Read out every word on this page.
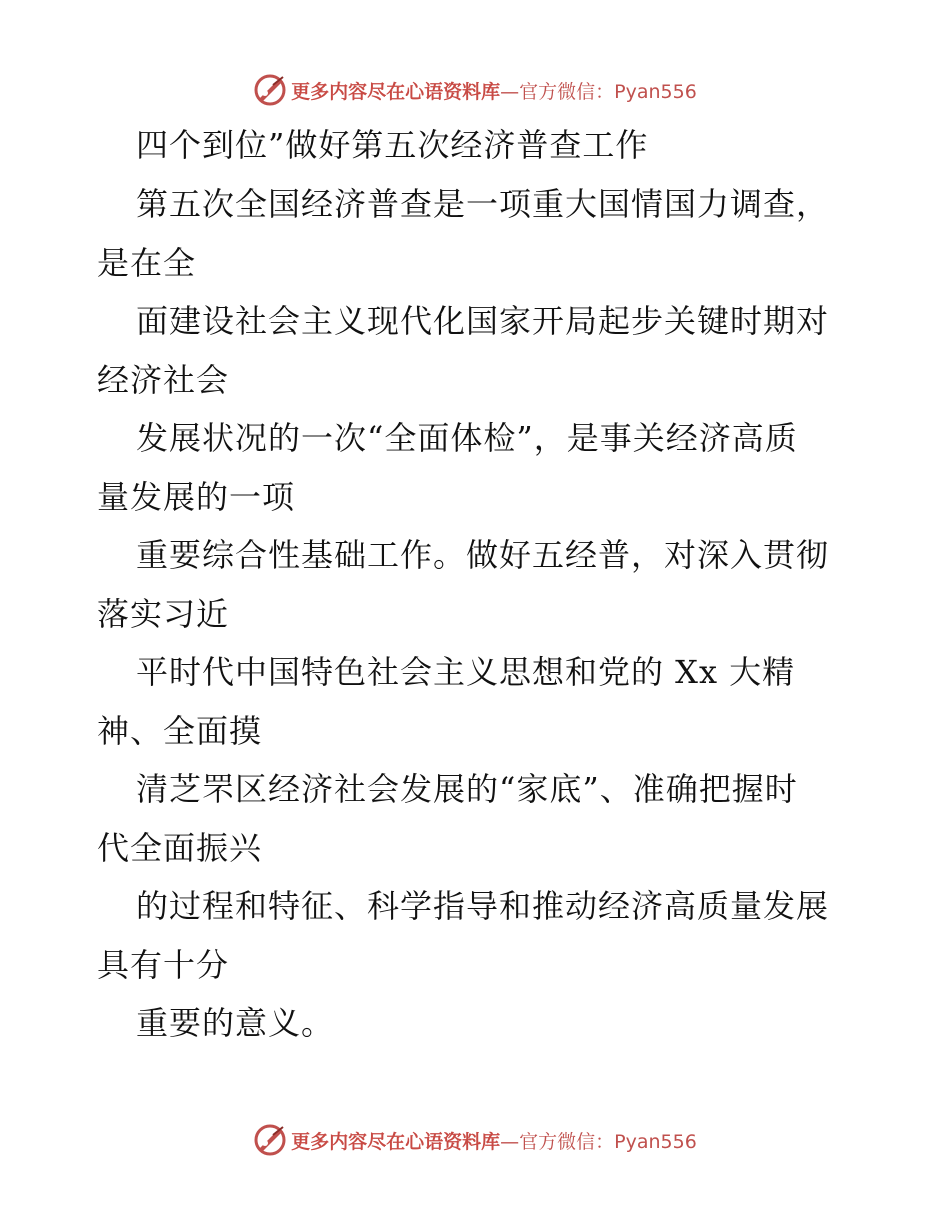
更多内容尽在心语资料库—官方微信：Pyan556
四个到位”做好第五次经济普查工作
第五次全国经济普查是一项重大国情国力调查，
是在全
面建设社会主义现代化国家开局起步关键时期对
经济社会
发展状况的一次“全面体检”，是事关经济高质
量发展的一项
重要综合性基础工作。做好五经普，对深入贯彻
落实习近
平时代中国特色社会主义思想和党的 Xx 大精
神、全面摸
清芝罘区经济社会发展的“家底”、准确把握时
代全面振兴
的过程和特征、科学指导和推动经济高质量发展
具有十分
重要的意义。
更多内容尽在心语资料库—官方微信：Pyan556
